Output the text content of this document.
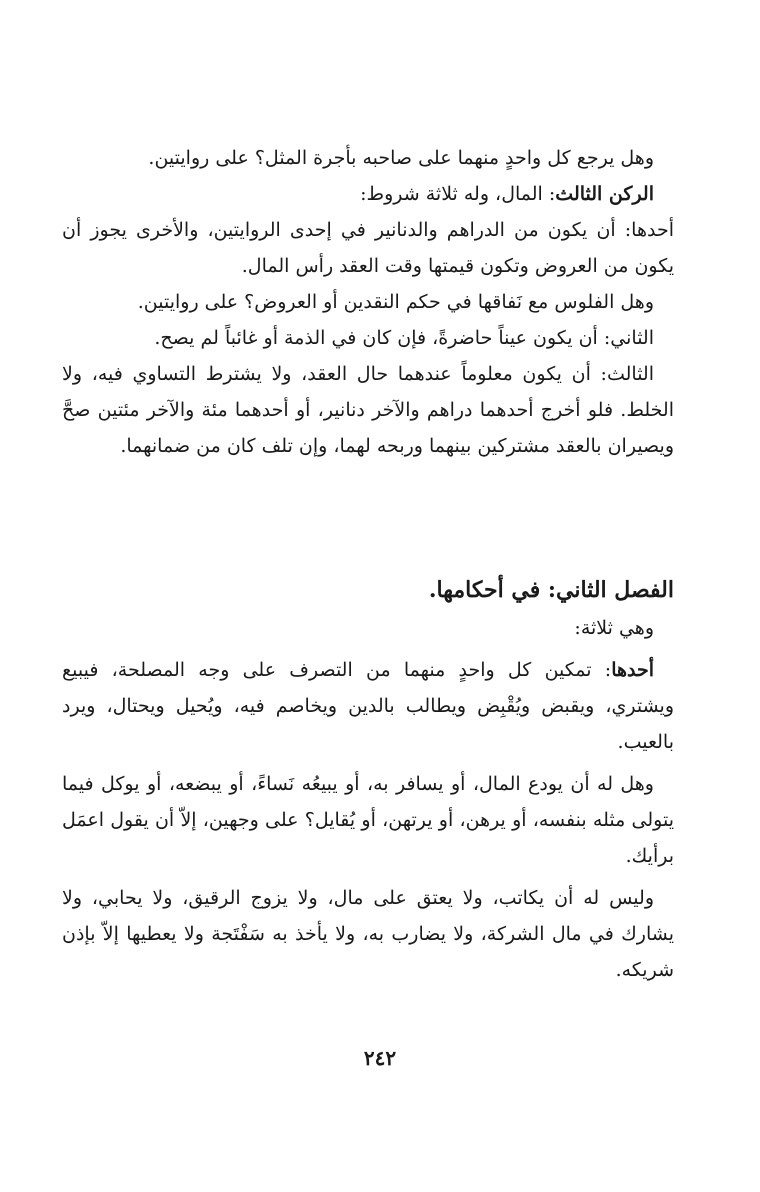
وهل يرجع كل واحدٍ منهما على صاحبه بأجرة المثل؟ على روايتين.

الركن الثالث: المال، وله ثلاثة شروط:

أحدها: أن يكون من الدراهم والدنانير في إحدى الروايتين، والأخرى يجوز أن يكون من العروض وتكون قيمتها وقت العقد رأس المال.

وهل الفلوس مع نَفاقها في حكم النقدين أو العروض؟ على روايتين.

الثاني: أن يكون عيناً حاضرةً، فإن كان في الذمة أو غائباً لم يصح.

الثالث: أن يكون معلوماً عندهما حال العقد، ولا يشترط التساوي فيه، ولا الخلط. فلو أخرج أحدهما دراهم والآخر دنانير، أو أحدهما مئة والآخر مئتين صحَّ ويصيران بالعقد مشتركين بينهما وربحه لهما، وإن تلف كان من ضمانهما.

الفصل الثاني: في أحكامها.

وهي ثلاثة:

أحدها: تمكين كل واحدٍ منهما من التصرف على وجه المصلحة، فيبيع ويشتري، ويقبض ويُقْبِض ويطالب بالدين ويخاصم فيه، ويُحيل ويحتال، ويرد بالعيب.

وهل له أن يودع المال، أو يسافر به، أو يبيعُه نَساءً، أو يبضعه، أو يوكل فيما يتولى مثله بنفسه، أو يرهن، أو يرتهن، أو يُقايل؟ على وجهين، إلاّ أن يقول اعمَل برأيك.

وليس له أن يكاتب، ولا يعتق على مال، ولا يزوج الرقيق، ولا يحابي، ولا يشارك في مال الشركة، ولا يضارب به، ولا يأخذ به سَفْتَجة ولا يعطيها إلاّ بإذن شريكه.

٢٤٢
